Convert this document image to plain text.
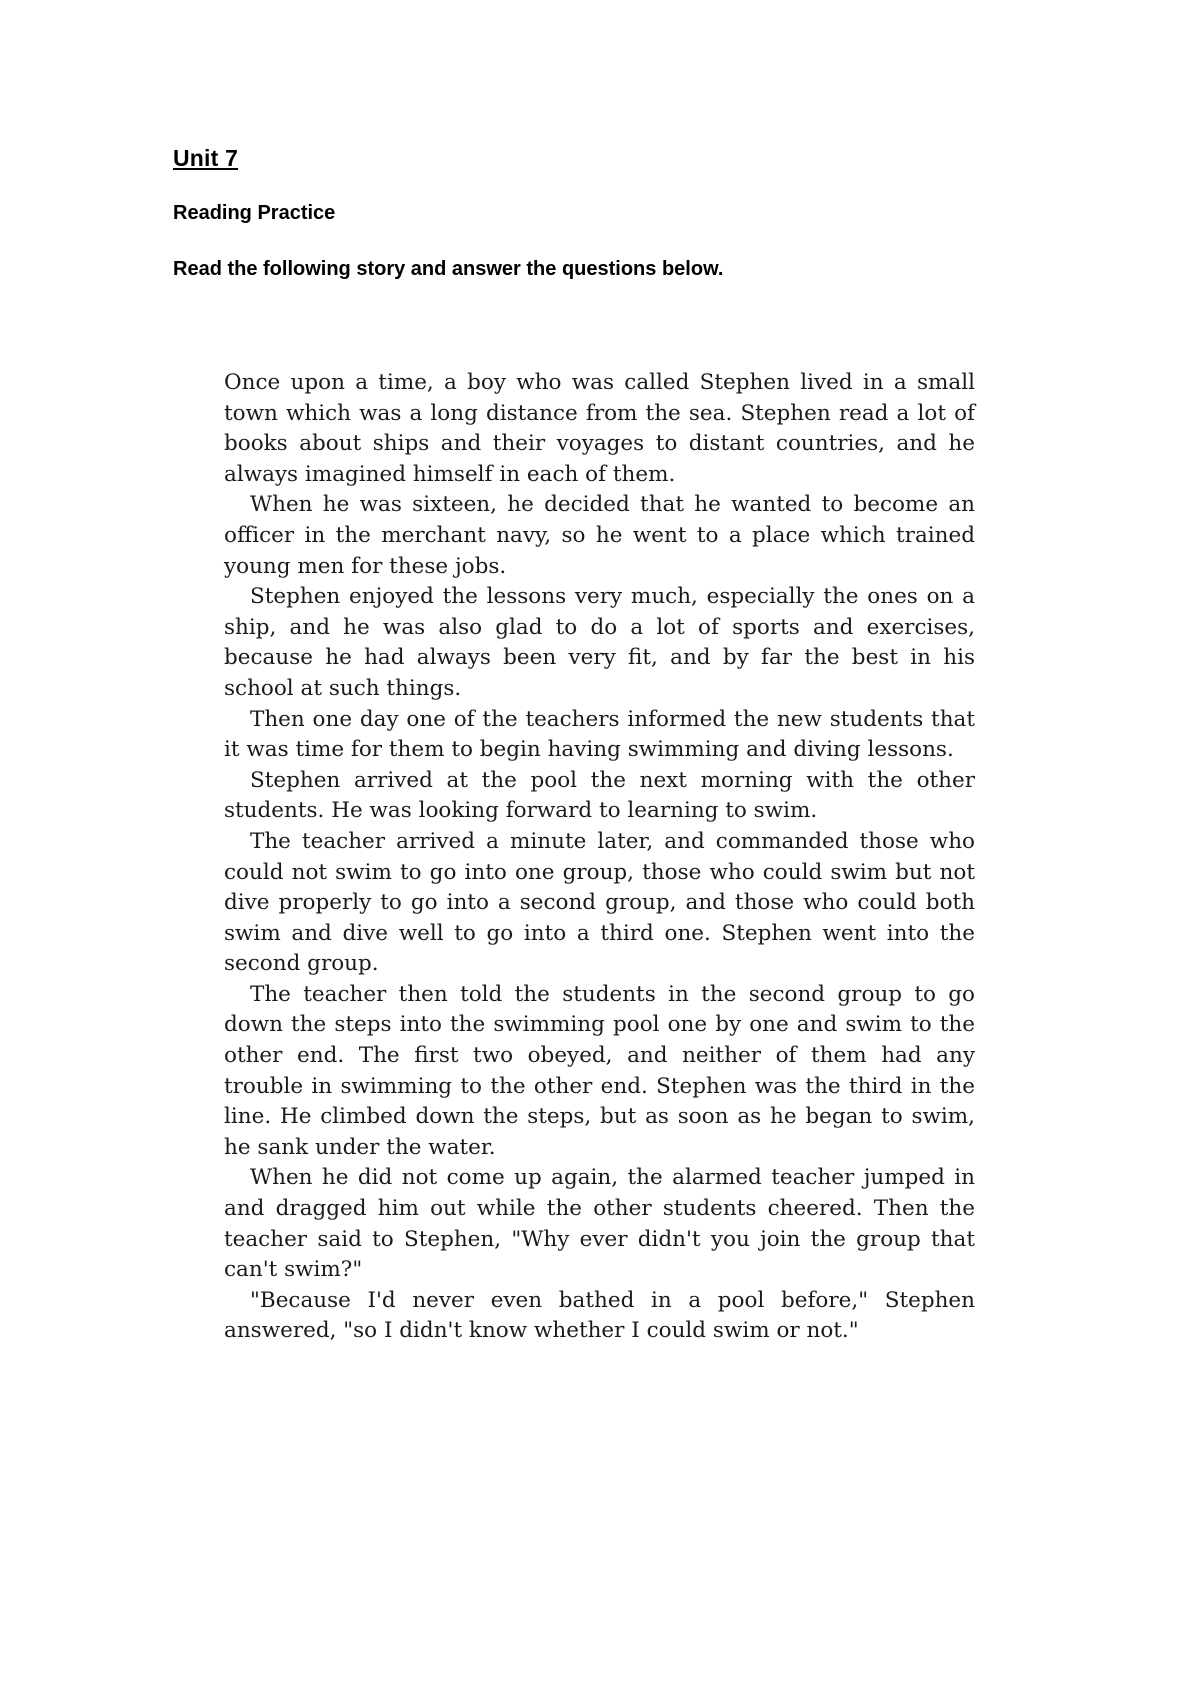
Unit 7
Reading Practice
Read the following story and answer the questions below.

Once upon a time, a boy who was called Stephen lived in a small town which was a long distance from the sea. Stephen read a lot of books about ships and their voyages to distant countries, and he always imagined himself in each of them.

When he was sixteen, he decided that he wanted to become an officer in the merchant navy, so he went to a place which trained young men for these jobs.

Stephen enjoyed the lessons very much, especially the ones on a ship, and he was also glad to do a lot of sports and exercises, because he had always been very fit, and by far the best in his school at such things.

Then one day one of the teachers informed the new students that it was time for them to begin having swimming and diving lessons.

Stephen arrived at the pool the next morning with the other students. He was looking forward to learning to swim.

The teacher arrived a minute later, and commanded those who could not swim to go into one group, those who could swim but not dive properly to go into a second group, and those who could both swim and dive well to go into a third one. Stephen went into the second group.

The teacher then told the students in the second group to go down the steps into the swimming pool one by one and swim to the other end. The first two obeyed, and neither of them had any trouble in swimming to the other end. Stephen was the third in the line. He climbed down the steps, but as soon as he began to swim, he sank under the water.

When he did not come up again, the alarmed teacher jumped in and dragged him out while the other students cheered. Then the teacher said to Stephen, "Why ever didn't you join the group that can't swim?"

"Because I'd never even bathed in a pool before," Stephen answered, "so I didn't know whether I could swim or not."
